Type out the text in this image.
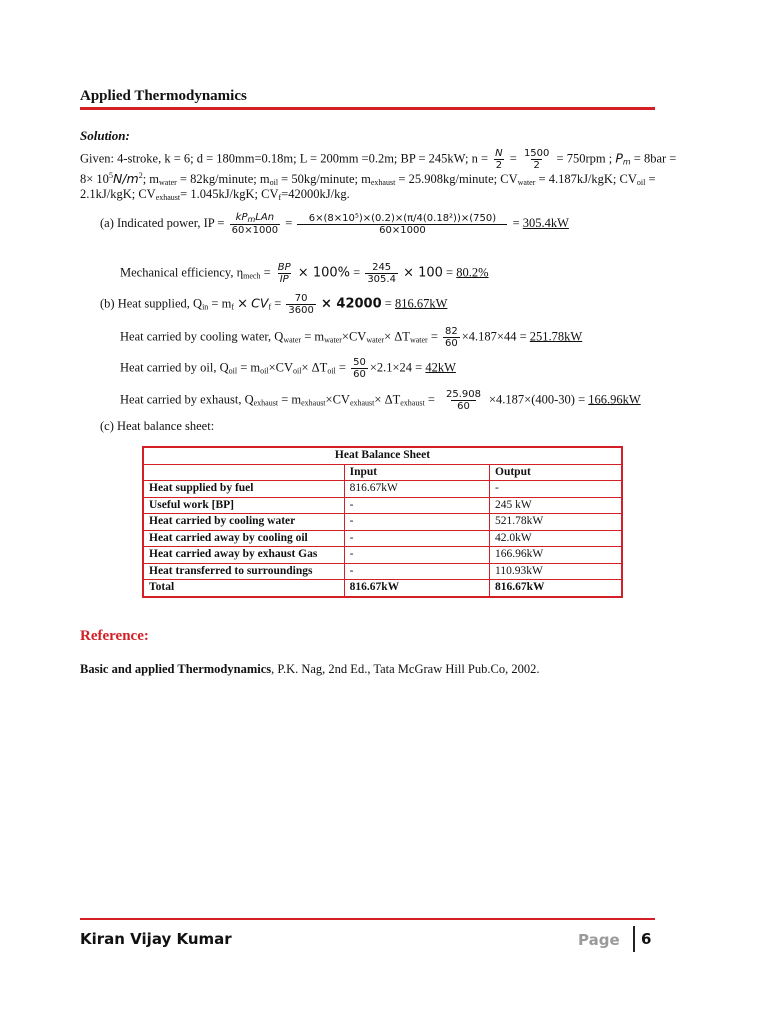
Applied Thermodynamics
Solution:
Given: 4-stroke, k = 6; d = 180mm=0.18m; L = 200mm =0.2m; BP = 245kW; $n = \frac{N}{2} = \frac{1500}{2} = 750rpm$ ; $P_m = 8bar$ =
$8\times 10^5N/m^2$; $m_{water}$ = 82kg/minute; $m_{oil}$ = 50kg/minute; $m_{exhaust}$ = 25.908kg/minute; $CV_{water} = 4.187kJ/kgK$; $CV_{oil}$ =
2.1kJ/kgK; $CV_{exhaust}= 1.045kJ/kgK$; $CV_f=42000kJ/kg$.
(a) Indicated power, IP = $\frac{kP_mLAn}{60\times 1000} = \frac{\text{6×(8×10⁵)×(0.2)×(π/4(0.18²))×(750)}}{60\times 1000} = 305.4kW$
Mechanical efficiency, $\eta_{mech} = \frac{BP}{IP} \times 100\% = \frac{245}{305.4} \times 100 = 80.2\%$
(b) Heat supplied, $Q_{in} = m_f \times CV_f = \frac{70}{3600} \times 42000 = 816.67kW$
Heat carried by cooling water, $Q_{water} = m_{water}\times CV_{water}\times \Delta T_{water} = \frac{82}{60} \times 4.187\times 44 = 251.78kW$
Heat carried by oil, $Q_{oil} = m_{oil}\times CV_{oil}\times \Delta T_{oil} = \frac{50}{60} \times 2.1\times 24 = 42kW$
Heat carried by exhaust, $Q_{exhaust} = m_{exhaust}\times CV_{exhaust}\times \Delta T_{exhaust} = \frac{25.908}{60} \times 4.187\times(400-30) = 166.96kW$
(c) Heat balance sheet:
Heat Balance Sheet		
	Input	Output
Heat supplied by fuel	816.67kW	-
Useful work [BP]	-	245 kW
Heat carried by cooling water	-	521.78kW
Heat carried away by cooling oil	-	42.0kW
Heat carried away by exhaust Gas	-	166.96kW
Heat transferred to surroundings	-	110.93kW
Total	816.67kW	816.67kW
Reference:
Basic and applied Thermodynamics, P.K. Nag, 2nd Ed., Tata McGraw Hill Pub.Co, 2002.
Kiran Vijay Kumar	Page 6
